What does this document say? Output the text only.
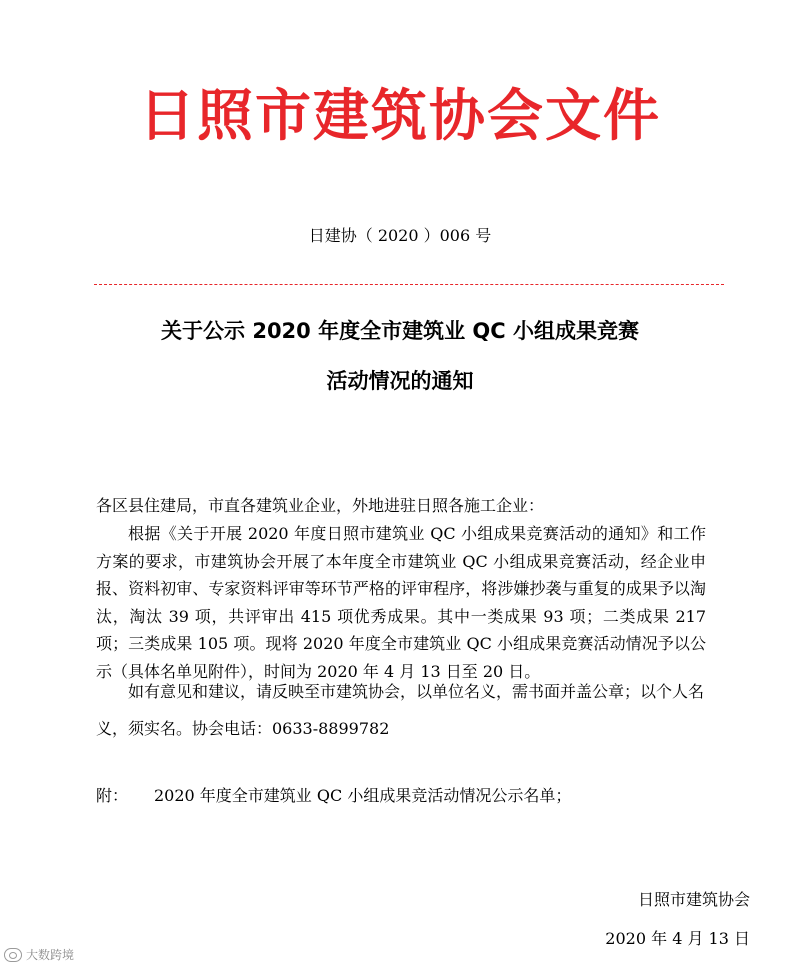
日照市建筑协会文件
日建协（ 2020 ）006 号
关于公示 2020 年度全市建筑业 QC 小组成果竞赛
活动情况的通知
各区县住建局，市直各建筑业企业，外地进驻日照各施工企业：
根据《关于开展 2020 年度日照市建筑业 QC 小组成果竞赛活动的通知》和工作方案的要求，市建筑协会开展了本年度全市建筑业 QC 小组成果竞赛活动，经企业申报、资料初审、专家资料评审等环节严格的评审程序，将涉嫌抄袭与重复的成果予以淘汰，淘汰 39 项，共评审出 415 项优秀成果。其中一类成果 93 项；二类成果 217 项；三类成果 105 项。现将 2020 年度全市建筑业 QC 小组成果竞赛活动情况予以公示（具体名单见附件），时间为 2020 年 4 月 13 日至 20 日。
如有意见和建议，请反映至市建筑协会，以单位名义，需书面并盖公章；以个人名义，须实名。协会电话：0633-8899782
附： 2020 年度全市建筑业 QC 小组成果竞活动情况公示名单；
日照市建筑协会
2020 年 4 月 13 日
大数跨境
